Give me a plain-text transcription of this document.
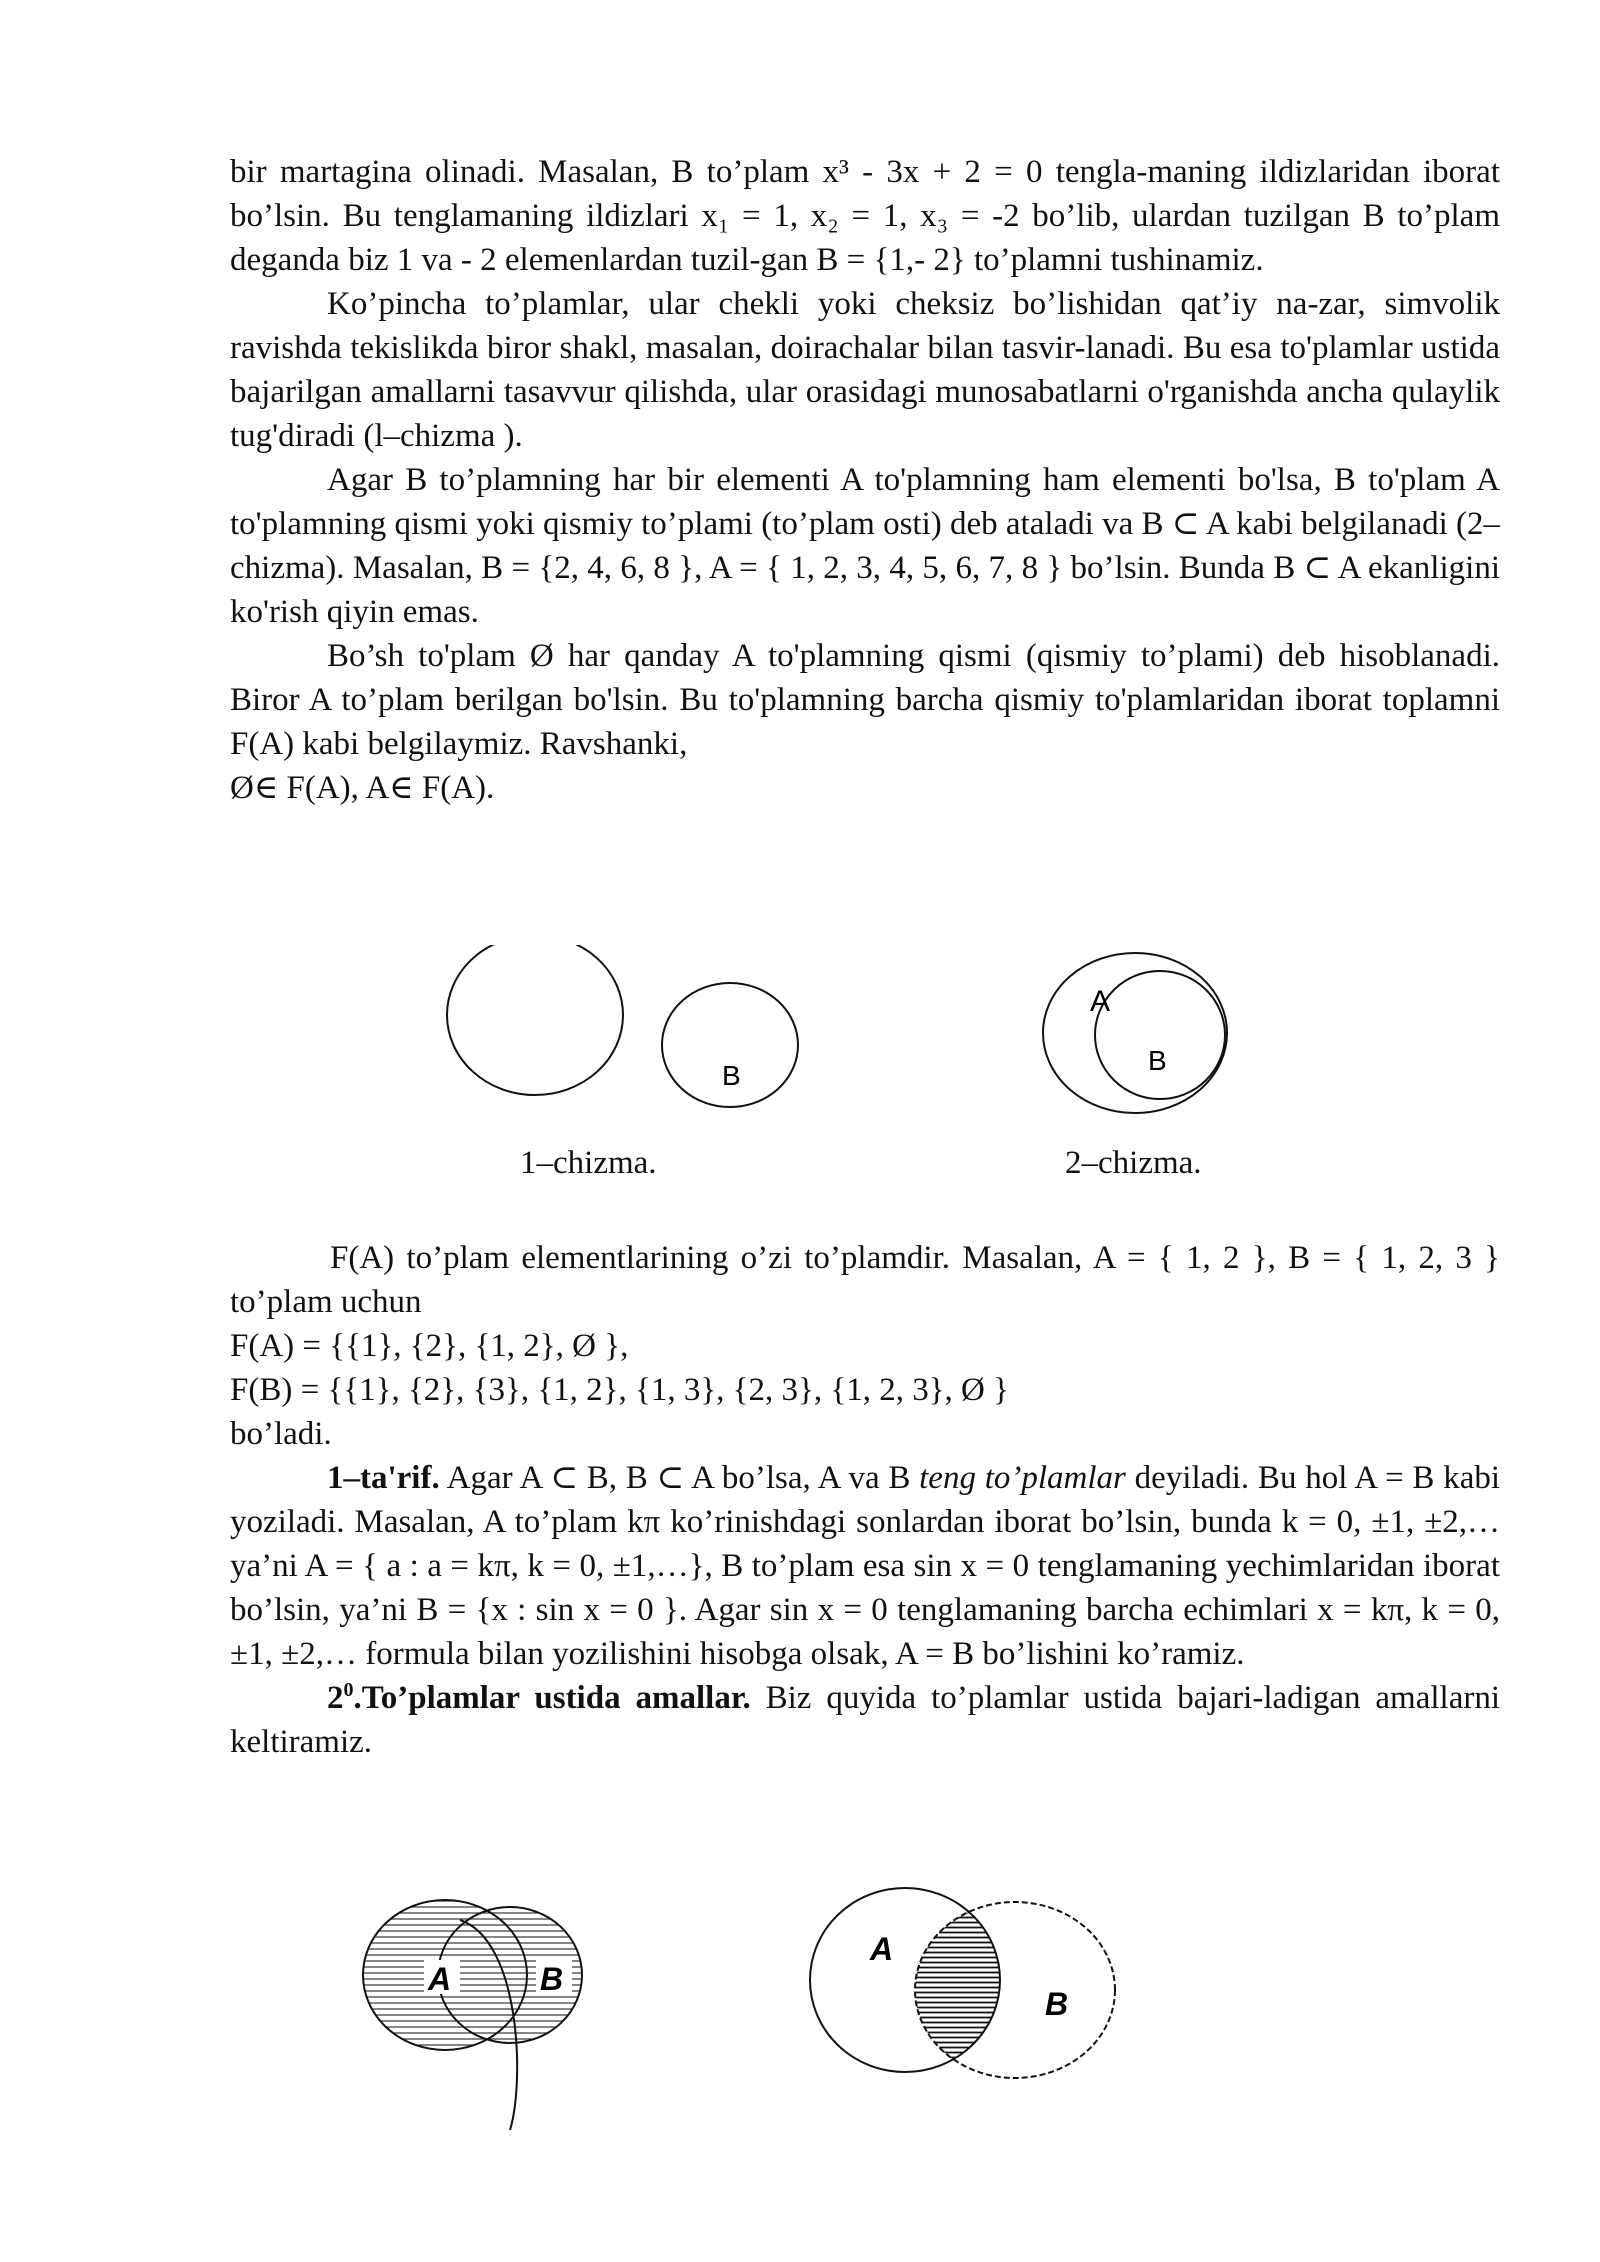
bir martagina olinadi. Masalan, B to’plam x³ - 3x + 2 = 0 tengla-maning ildizlaridan iborat bo’lsin. Bu tenglamaning ildizlari x₁ = 1, x₂ = 1, x₃ = -2 bo’lib, ulardan tuzilgan B to’plam deganda biz 1 va - 2 elemenlardan tuzil-gan B = {1,- 2} to’plamni tushinamiz.

Ko’pincha to’plamlar, ular chekli yoki cheksiz bo’lishidan qat’iy na-zar, simvolik ravishda tekislikda biror shakl, masalan, doirachalar bilan tasvir-lanadi. Bu esa to'plamlar ustida bajarilgan amallarni tasavvur qilishda, ular orasidagi munosabatlarni o'rganishda ancha qulaylik tug'diradi (l–chizma ).

Agar B to’plamning har bir elementi A to'plamning ham elementi bo'lsa, B to'plam A to'plamning qismi yoki qismiy to’plami (to’plam osti) deb ataladi va B ⊂ A kabi belgilanadi (2–chizma). Masalan, B = {2, 4, 6, 8 }, A = { 1, 2, 3, 4, 5, 6, 7, 8 } bo’lsin. Bunda B ⊂ A ekanligini ko'rish qiyin emas.

Bo’sh to'plam Ø har qanday A to'plamning qismi (qismiy to’plami) deb hisoblanadi. Biror A to’plam berilgan bo'lsin. Bu to'plamning barcha qismiy to'plamlaridan iborat toplamni F(A) kabi belgilaymiz. Ravshanki,

Ø∈ F(A), A∈ F(A).

B
1–chizma.
A
B
2–chizma.

F(A) to’plam elementlarining o’zi to’plamdir. Masalan, A = { 1, 2 }, B = { 1, 2, 3 } to’plam uchun

F(A) = {{1}, {2}, {1, 2}, Ø },

F(B) = {{1}, {2}, {3}, {1, 2}, {1, 3}, {2, 3}, {1, 2, 3}, Ø }

bo’ladi.

1–ta'rif. Agar A ⊂ B, B ⊂ A bo’lsa, A va B teng to’plamlar deyiladi. Bu hol A = B kabi yoziladi. Masalan, A to’plam kπ ko’rinishdagi sonlardan iborat bo’lsin, bunda k = 0, ±1, ±2,… ya’ni A = { a : a = kπ, k = 0, ±1,…}, B to’plam esa sin x = 0 tenglamaning yechimlaridan iborat bo’lsin, ya’ni B = {x : sin x = 0 }. Agar sin x = 0 tenglamaning barcha echimlari x = kπ, k = 0, ±1, ±2,… formula bilan yozilishini hisobga olsak, A = B bo’lishini ko’ramiz.

$2^0.To’plamlar$ ustida amallar. Biz quyida to’plamlar ustida bajari-ladigan amallarni keltiramiz.

A	B
A
B
